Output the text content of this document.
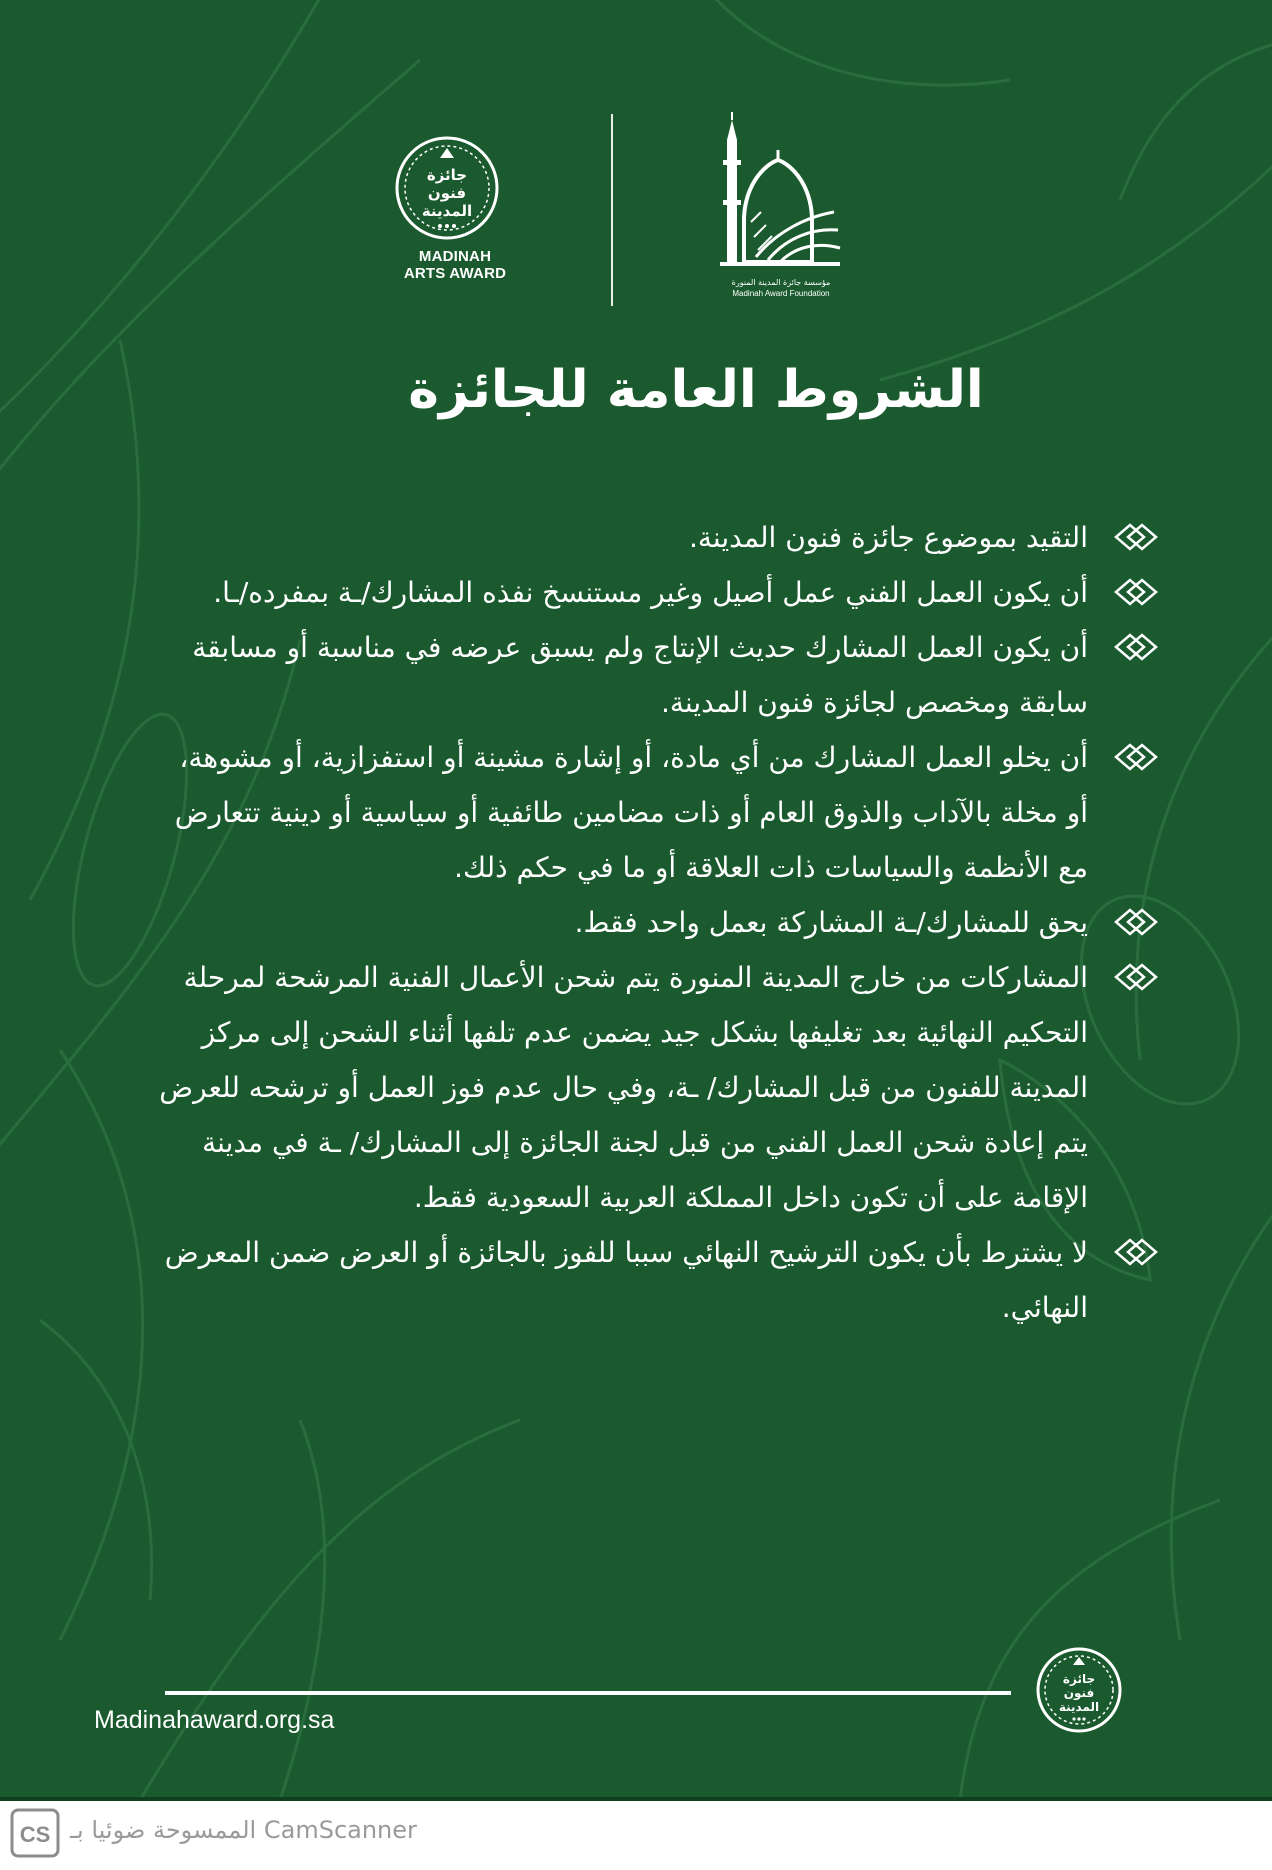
جائزة
فنون
المدينة
MADINAH
ARTS AWARD
مؤسسة جائزة المدينة المنورة
Madinah Award Foundation
الشروط العامة للجائزة
التقيد بموضوع جائزة فنون المدينة.
أن يكون العمل الفني عمل أصيل وغير مستنسخ نفذه المشارك/ـة بمفرده/ـا.
أن يكون العمل المشارك حديث الإنتاج ولم يسبق عرضه في مناسبة أو مسابقة سابقة ومخصص لجائزة فنون المدينة.
أن يخلو العمل المشارك من أي مادة، أو إشارة مشينة أو استفزازية، أو مشوهة، أو مخلة بالآداب والذوق العام أو ذات مضامين طائفية أو سياسية أو دينية تتعارض مع الأنظمة والسياسات ذات العلاقة أو ما في حكم ذلك.
يحق للمشارك/ـة المشاركة بعمل واحد فقط.
المشاركات من خارج المدينة المنورة يتم شحن الأعمال الفنية المرشحة لمرحلة التحكيم النهائية بعد تغليفها بشكل جيد يضمن عدم تلفها أثناء الشحن إلى مركز المدينة للفنون من قبل المشارك/ ـة، وفي حال عدم فوز العمل أو ترشحه للعرض يتم إعادة شحن العمل الفني من قبل لجنة الجائزة إلى المشارك/ ـة في مدينة الإقامة على أن تكون داخل المملكة العربية السعودية فقط.
لا يشترط بأن يكون الترشيح النهائي سببا للفوز بالجائزة أو العرض ضمن المعرض النهائي.
Madinahaward.org.sa
جائزة
فنون
المدينة
CS الممسوحة ضوئيا بـ CamScanner
